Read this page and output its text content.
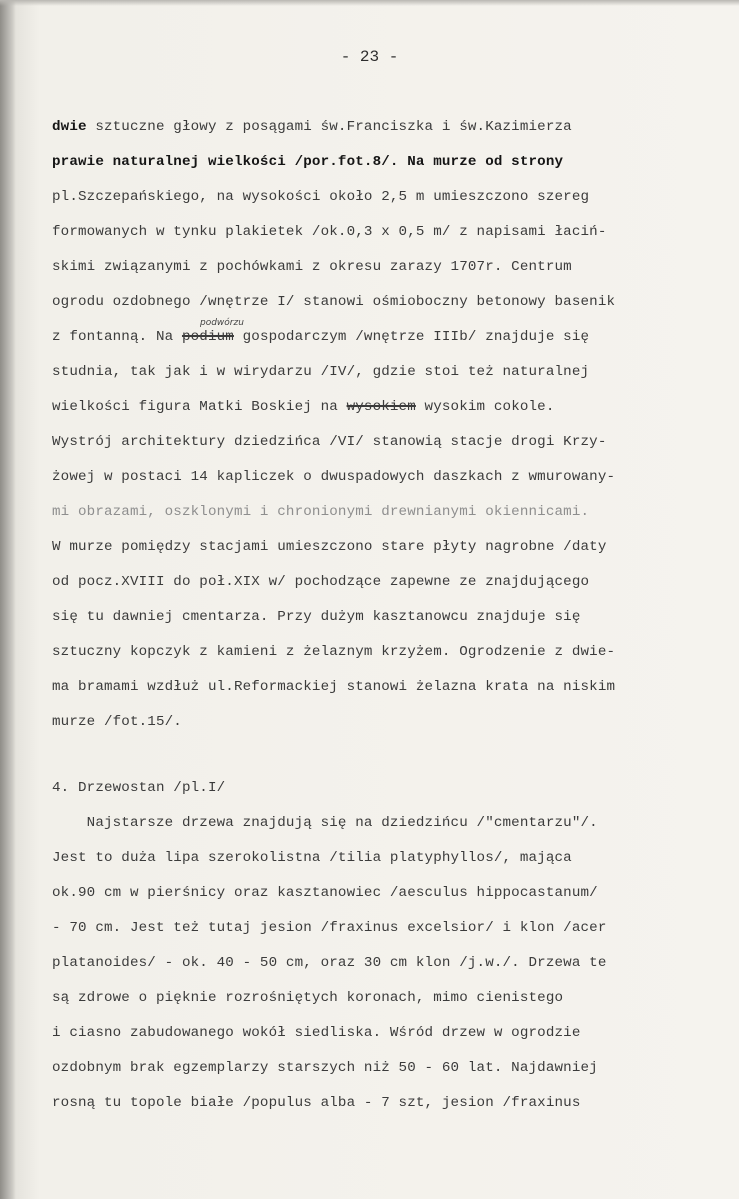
- 23 -
dwie sztuczne głowy z posągami św.Franciszka i św.Kazimierza
prawie naturalnej wielkości /por.fot.8/. Na murze od strony
pl.Szczepańskiego, na wysokości około 2,5 m umieszczono szereg
formowanych w tynku plakietek /ok.0,3 x 0,5 m/ z napisami łaciń-
skimi związanymi z pochówkami z okresu zarazy 1707r. Centrum
ogrodu ozdobnego /wnętrze I/ stanowi ośmioboczny betonowy basenik
podwórzu
z fontanną. Na podium gospodarczym /wnętrze IIIb/ znajduje się
studnia, tak jak i w wirydarzu /IV/, gdzie stoi też naturalnej
wielkości figura Matki Boskiej na wysokiem wysokim cokole.
Wystrój architektury dziedzińca /VI/ stanowią stacje drogi Krzy-
żowej w postaci 14 kapliczek o dwuspadowych daszkach z wmurowany-
mi obrazami, oszklonymi i chronionymi drewnianymi okiennicami.
W murze pomiędzy stacjami umieszczono stare płyty nagrobne /daty
od pocz.XVIII do poł.XIX w/ pochodzące zapewne ze znajdującego
się tu dawniej cmentarza. Przy dużym kasztanowcu znajduje się
sztuczny kopczyk z kamieni z żelaznym krzyżem. Ogrodzenie z dwie-
ma bramami wzdłuż ul.Reformackiej stanowi żelazna krata na niskim
murze /fot.15/.
4. Drzewostan /pl.I/
Najstarsze drzewa znajdują się na dziedzińcu /"cmentarzu"/.
Jest to duża lipa szerokolistna /tilia platyphyllos/, mająca
ok.90 cm w pierśnicy oraz kasztanowiec /aesculus hippocastanum/
- 70 cm. Jest też tutaj jesion /fraxinus excelsior/ i klon /acer
platanoides/ - ok. 40 - 50 cm, oraz 30 cm klon /j.w./. Drzewa te
są zdrowe o pięknie rozrośniętych koronach, mimo cienistego
i ciasno zabudowanego wokół siedliska. Wśród drzew w ogrodzie
ozdobnym brak egzemplarzy starszych niż 50 - 60 lat. Najdawniej
rosną tu topole białe /populus alba - 7 szt, jesion /fraxinus
